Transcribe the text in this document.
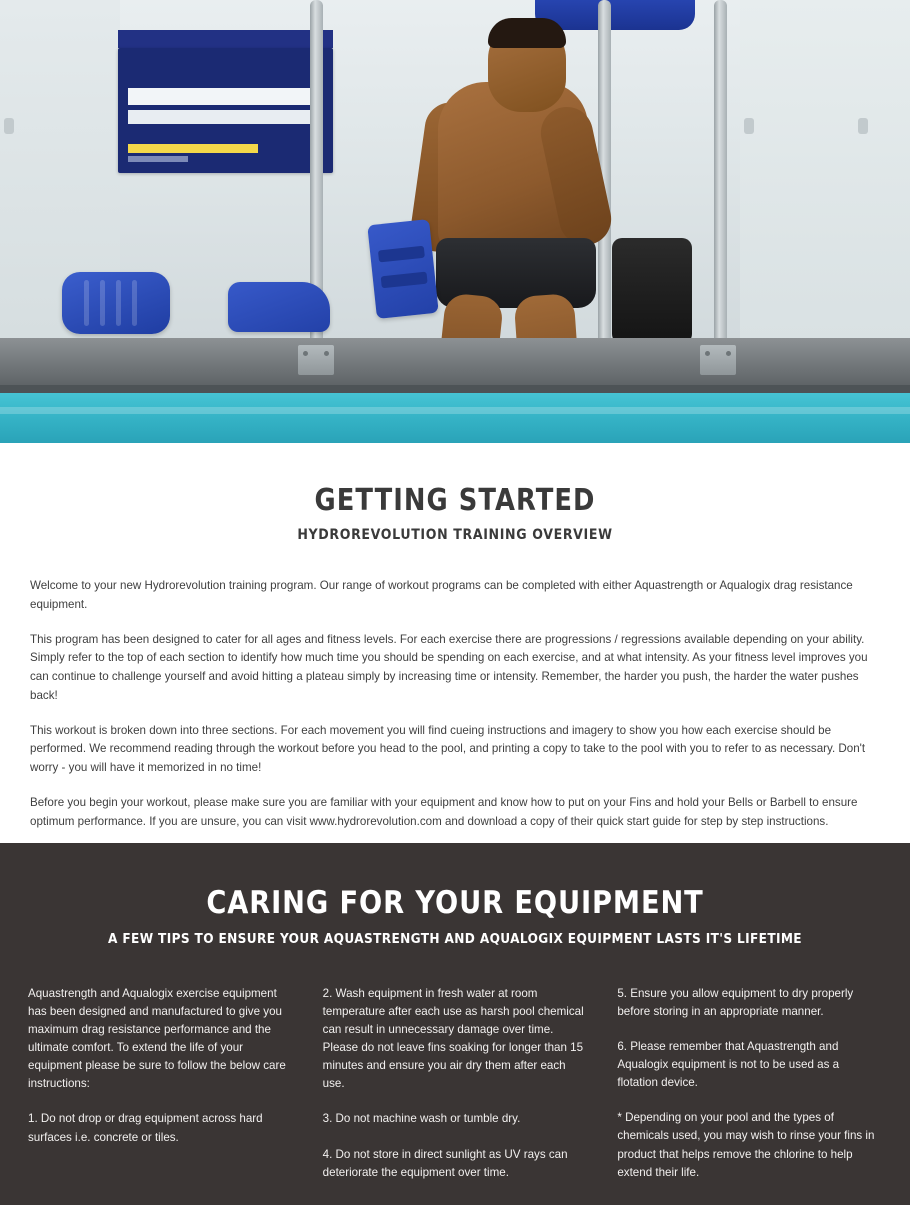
GETTING STARTED
HYDROREVOLUTION TRAINING OVERVIEW

Welcome to your new Hydrorevolution training program. Our range of workout programs can be completed with either Aquastrength or Aqualogix drag resistance equipment.

This program has been designed to cater for all ages and fitness levels. For each exercise there are progressions / regressions available depending on your ability. Simply refer to the top of each section to identify how much time you should be spending on each exercise, and at what intensity. As your fitness level improves you can continue to challenge yourself and avoid hitting a plateau simply by increasing time or intensity. Remember, the harder you push, the harder the water pushes back!

This workout is broken down into three sections. For each movement you will find cueing instructions and imagery to show you how each exercise should be performed. We recommend reading through the workout before you head to the pool, and printing a copy to take to the pool with you to refer to as necessary. Don't worry - you will have it memorized in no time!

Before you begin your workout, please make sure you are familiar with your equipment and know how to put on your Fins and hold your Bells or Barbell to ensure optimum performance. If you are unsure, you can visit www.hydrorevolution.com and download a copy of their quick start guide for step by step instructions.

CARING FOR YOUR EQUIPMENT
A FEW TIPS TO ENSURE YOUR AQUASTRENGTH AND AQUALOGIX EQUIPMENT LASTS IT'S LIFETIME

Aquastrength and Aqualogix exercise equipment has been designed and manufactured to give you maximum drag resistance performance and the ultimate comfort. To extend the life of your equipment please be sure to follow the below care instructions:

1. Do not drop or drag equipment across hard surfaces i.e. concrete or tiles.

2. Wash equipment in fresh water at room temperature after each use as harsh pool chemical can result in unnecessary damage over time. Please do not leave fins soaking for longer than 15 minutes and ensure you air dry them after each use.

3. Do not machine wash or tumble dry.

4. Do not store in direct sunlight as UV rays can deteriorate the equipment over time.

5. Ensure you allow equipment to dry properly before storing in an appropriate manner.

6. Please remember that Aquastrength and Aqualogix equipment is not to be used as a flotation device.

* Depending on your pool and the types of chemicals used, you may wish to rinse your fins in product that helps remove the chlorine to help extend their life.
